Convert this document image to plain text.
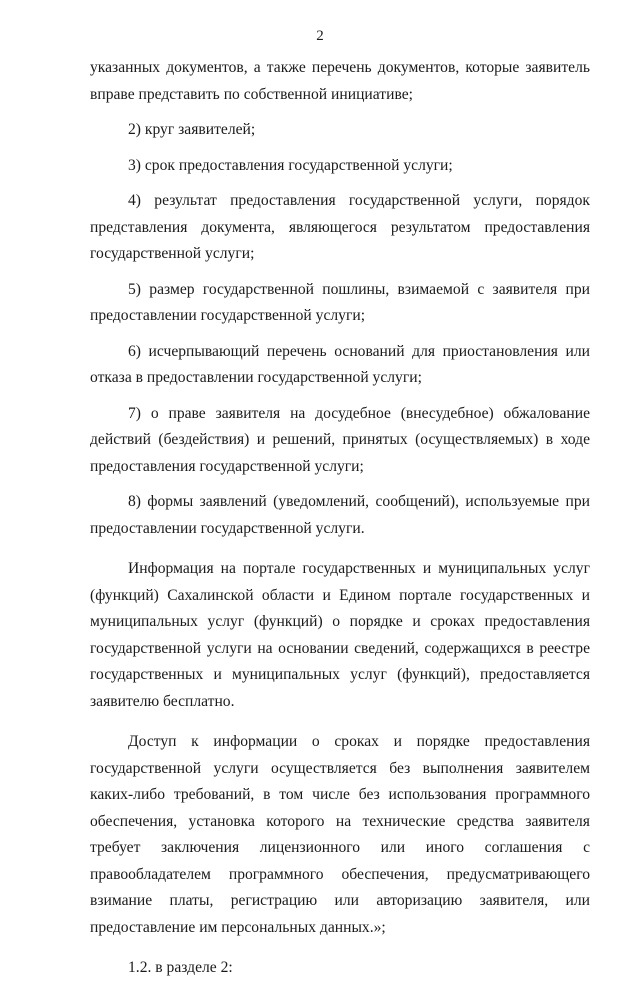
2

указанных документов, а также перечень документов, которые заявитель вправе представить по собственной инициативе;

2) круг заявителей;

3) срок предоставления государственной услуги;

4) результат предоставления государственной услуги, порядок представления документа, являющегося результатом предоставления государственной услуги;

5) размер государственной пошлины, взимаемой с заявителя при предоставлении государственной услуги;

6) исчерпывающий перечень оснований для приостановления или отказа в предоставлении государственной услуги;

7) о праве заявителя на досудебное (внесудебное) обжалование действий (бездействия) и решений, принятых (осуществляемых) в ходе предоставления государственной услуги;

8) формы заявлений (уведомлений, сообщений), используемые при предоставлении государственной услуги.

Информация на портале государственных и муниципальных услуг (функций) Сахалинской области и Едином портале государственных и муниципальных услуг (функций) о порядке и сроках предоставления государственной услуги на основании сведений, содержащихся в реестре государственных и муниципальных услуг (функций), предоставляется заявителю бесплатно.

Доступ к информации о сроках и порядке предоставления государственной услуги осуществляется без выполнения заявителем каких-либо требований, в том числе без использования программного обеспечения, установка которого на технические средства заявителя требует заключения лицензионного или иного соглашения с правообладателем программного обеспечения, предусматривающего взимание платы, регистрацию или авторизацию заявителя, или предоставление им персональных данных.»;

1.2. в разделе 2:
